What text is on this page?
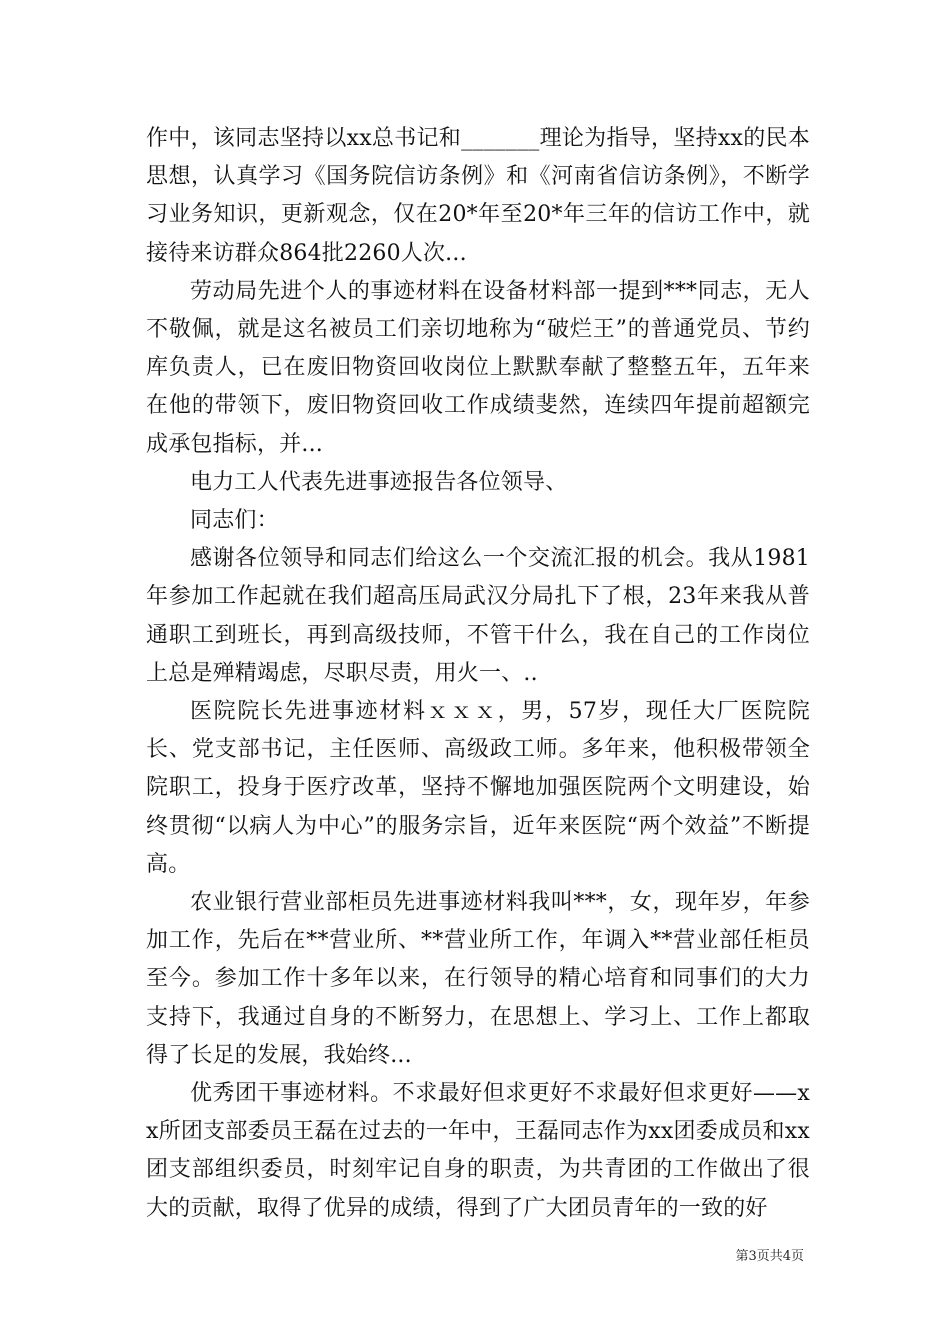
作中，该同志坚持以xx总书记和_______理论为指导，坚持xx的民本思想，认真学习《国务院信访条例》和《河南省信访条例》，不断学习业务知识，更新观念，仅在20*年至20*年三年的信访工作中，就接待来访群众864批2260人次...

劳动局先进个人的事迹材料在设备材料部一提到***同志，无人不敬佩，就是这名被员工们亲切地称为“破烂王”的普通党员、节约库负责人，已在废旧物资回收岗位上默默奉献了整整五年，五年来在他的带领下，废旧物资回收工作成绩斐然，连续四年提前超额完成承包指标，并...

电力工人代表先进事迹报告各位领导、

同志们：

感谢各位领导和同志们给这么一个交流汇报的机会。我从1981年参加工作起就在我们超高压局武汉分局扎下了根，23年来我从普通职工到班长，再到高级技师，不管干什么，我在自己的工作岗位上总是殚精竭虑，尽职尽责，用火一、..

医院院长先进事迹材料ｘｘｘ，男，57岁，现任大厂医院院长、党支部书记，主任医师、高级政工师。多年来，他积极带领全院职工，投身于医疗改革，坚持不懈地加强医院两个文明建设，始终贯彻“以病人为中心”的服务宗旨，近年来医院“两个效益”不断提高。

农业银行营业部柜员先进事迹材料我叫***，女，现年岁，年参加工作，先后在**营业所、**营业所工作，年调入**营业部任柜员至今。参加工作十多年以来，在行领导的精心培育和同事们的大力支持下，我通过自身的不断努力，在思想上、学习上、工作上都取得了长足的发展，我始终...

优秀团干事迹材料。不求最好但求更好不求最好但求更好——xx所团支部委员王磊在过去的一年中，王磊同志作为xx团委成员和xx团支部组织委员，时刻牢记自身的职责，为共青团的工作做出了很大的贡献，取得了优异的成绩，得到了广大团员青年的一致的好

第3页共4页
